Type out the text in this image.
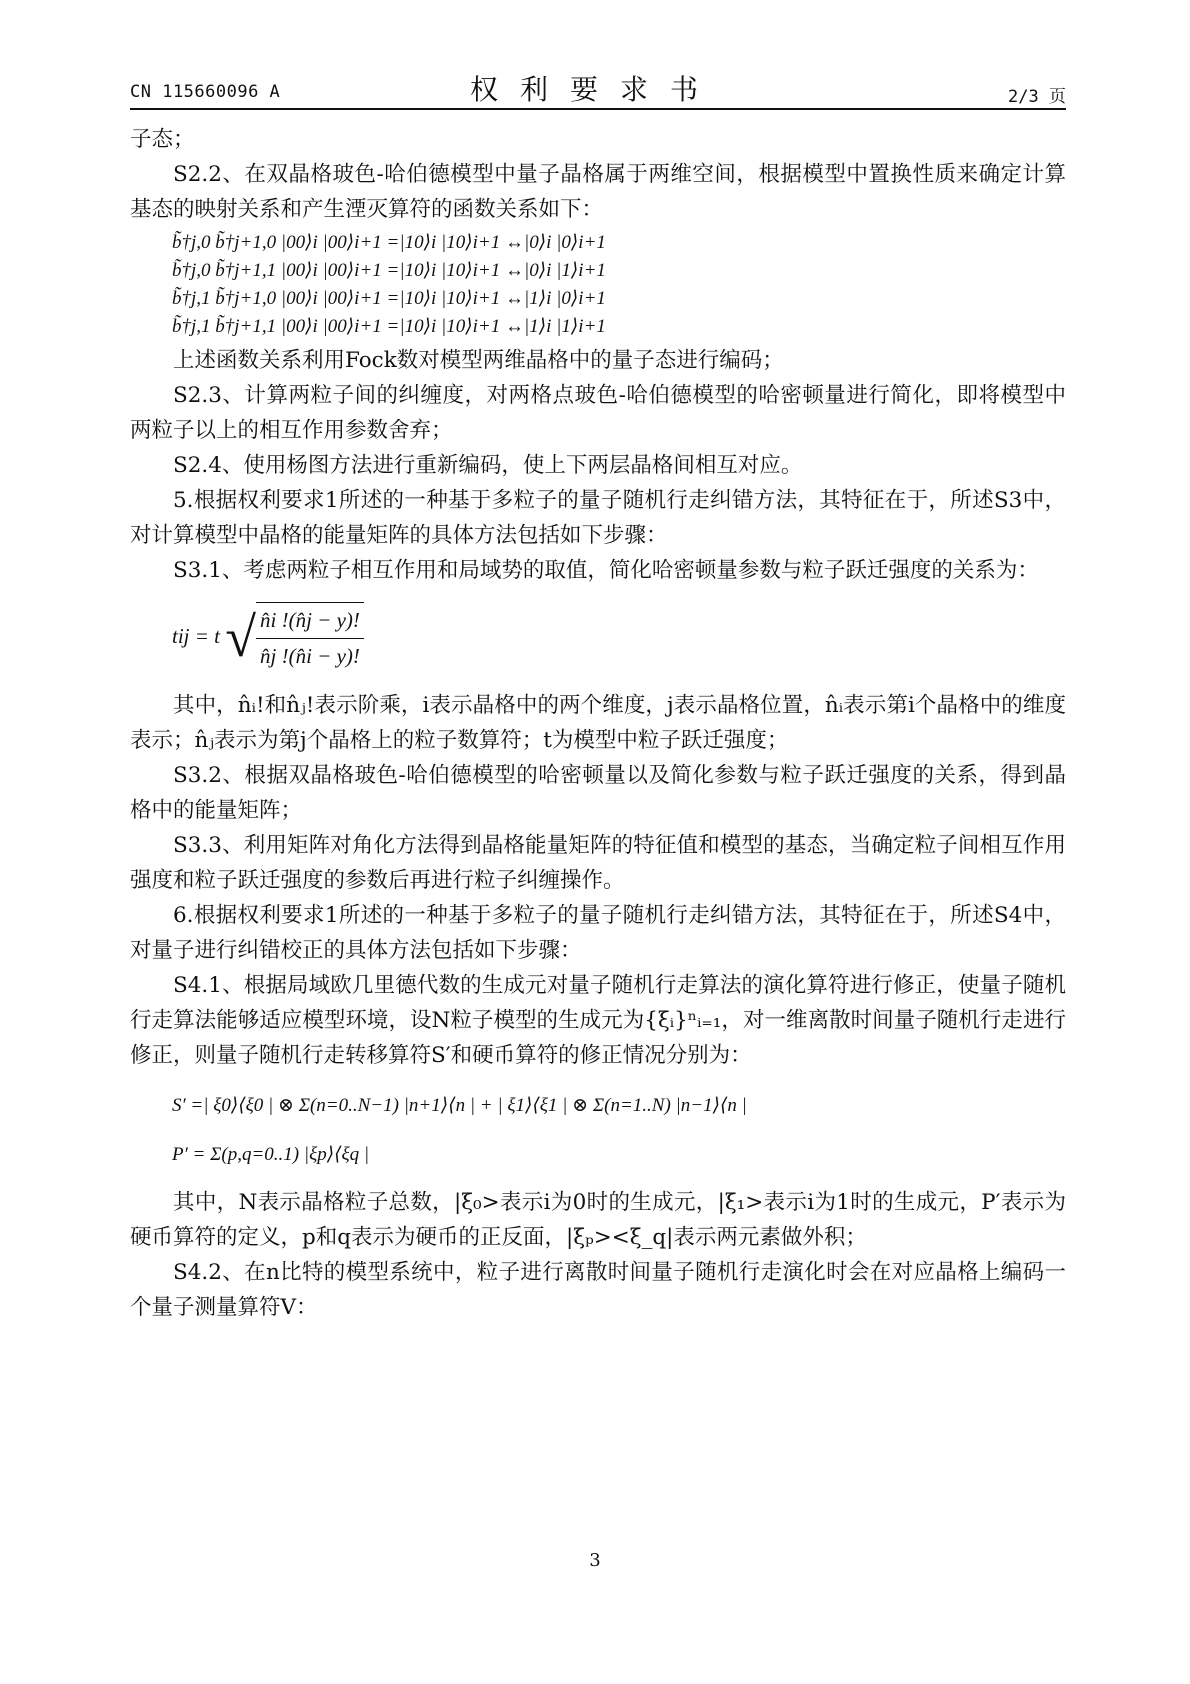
CN 115660096 A	权利要求书	2/3 页

子态；

S2.2、在双晶格玻色-哈伯德模型中量子晶格属于两维空间，根据模型中置换性质来确定计算基态的映射关系和产生湮灭算符的函数关系如下：

b̃†j,0 b̃†j+1,0 |00⟩i |00⟩i+1 =|10⟩i |10⟩i+1 ↔|0⟩i |0⟩i+1
b̃†j,0 b̃†j+1,1 |00⟩i |00⟩i+1 =|10⟩i |10⟩i+1 ↔|0⟩i |1⟩i+1
b̃†j,1 b̃†j+1,0 |00⟩i |00⟩i+1 =|10⟩i |10⟩i+1 ↔|1⟩i |0⟩i+1
b̃†j,1 b̃†j+1,1 |00⟩i |00⟩i+1 =|10⟩i |10⟩i+1 ↔|1⟩i |1⟩i+1

上述函数关系利用Fock数对模型两维晶格中的量子态进行编码；

S2.3、计算两粒子间的纠缠度，对两格点玻色-哈伯德模型的哈密顿量进行简化，即将模型中两粒子以上的相互作用参数舍弃；

S2.4、使用杨图方法进行重新编码，使上下两层晶格间相互对应。

5.根据权利要求1所述的一种基于多粒子的量子随机行走纠错方法，其特征在于，所述S3中，对计算模型中晶格的能量矩阵的具体方法包括如下步骤：

S3.1、考虑两粒子相互作用和局域势的取值，简化哈密顿量参数与粒子跃迁强度的关系为：

tij = t √ $\frac{n̂i !(n̂j - y)!}{n̂j !(n̂i - y)!}$

其中，n̂ᵢ!和n̂ⱼ!表示阶乘，i表示晶格中的两个维度，j表示晶格位置，n̂ᵢ表示第i个晶格中的维度表示；n̂ⱼ表示为第j个晶格上的粒子数算符；t为模型中粒子跃迁强度；

S3.2、根据双晶格玻色-哈伯德模型的哈密顿量以及简化参数与粒子跃迁强度的关系，得到晶格中的能量矩阵；

S3.3、利用矩阵对角化方法得到晶格能量矩阵的特征值和模型的基态，当确定粒子间相互作用强度和粒子跃迁强度的参数后再进行粒子纠缠操作。

6.根据权利要求1所述的一种基于多粒子的量子随机行走纠错方法，其特征在于，所述S4中，对量子进行纠错校正的具体方法包括如下步骤：

S4.1、根据局域欧几里德代数的生成元对量子随机行走算法的演化算符进行修正，使量子随机行走算法能够适应模型环境，设N粒子模型的生成元为{ξᵢ}ⁿᵢ₌₁，对一维离散时间量子随机行走进行修正，则量子随机行走转移算符S′和硬币算符的修正情况分别为：

S′ =| ξ0⟩⟨ξ0 | ⊗ Σ(n=0..N−1) |n+1⟩⟨n | + | ξ1⟩⟨ξ1 | ⊗ Σ(n=1..N) |n−1⟩⟨n |
P′ = Σ(p,q=0..1) |ξp⟩⟨ξq |

其中，N表示晶格粒子总数，|ξ₀>表示i为0时的生成元，|ξ₁>表示i为1时的生成元，P′表示为硬币算符的定义，p和q表示为硬币的正反面，|ξₚ><ξ_q|表示两元素做外积；

S4.2、在n比特的模型系统中，粒子进行离散时间量子随机行走演化时会在对应晶格上编码一个量子测量算符V：

3
